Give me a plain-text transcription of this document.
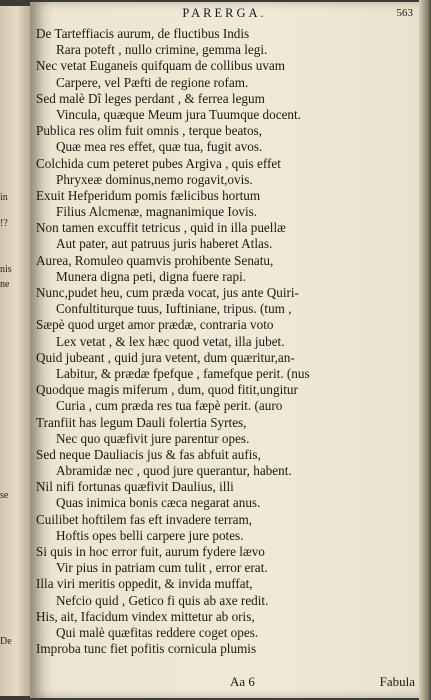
in
!?
nis
ne
se
De
PARERGA.	563
De Tarteffiacis aurum, de fluctibus Indis
Rara poteft , nullo crimine, gemma legi.
Nec vetat Euganeis quifquam de collibus uvam
Carpere, vel Pæfti de regione rofam.
Sed malè Dî leges perdant , & ferrea legum
Vincula, quæque Meum jura Tuumque docent.
Publica res olim fuit omnis , terque beatos,
Quæ mea res effet, quæ tua, fugit avos.
Colchida cum peteret pubes Argiva , quis effet
Phryxeæ dominus,nemo rogavit,ovis.
Exuit Hefperidum pomis fælicibus hortum
Filius Alcmenæ, magnanimique Iovis.
Non tamen excuffit tetricus , quid in illa puellæ
Aut pater, aut patruus juris haberet Atlas.
Aurea, Romuleo quamvis prohibente Senatu,
Munera digna peti, digna fuere rapi.
Nunc,pudet heu, cum præda vocat, jus ante Quiri-
Confultiturque tuus, Iuftiniane, tripus. (tum ,
Sæpè quod urget amor prædæ, contraria voto
Lex vetat , & lex hæc quod vetat, illa jubet.
Quid jubeant , quid jura vetent, dum quæritur,an-
Labitur, & prædæ fpefque , famefque perit. (nus
Quodque magis miferum , dum, quod fitit,ungitur
Curia , cum præda res tua fæpè perit. (auro
Tranfiit has legum Dauli folertia Syrtes,
Nec quo quæfivit jure parentur opes.
Sed neque Dauliacis jus & fas abfuit aufis,
Abramidæ nec , quod jure querantur, habent.
Nil nifi fortunas quæfivit Daulius, illi
Quas inimica bonis cæca negarat anus.
Cuilibet hoftilem fas eft invadere terram,
Hoftis opes belli carpere jure potes.
Si quis in hoc error fuit, aurum fydere lævo
Vir pius in patriam cum tulit , error erat.
Illa viri meritis oppedit, & invida muffat,
Nefcio quid , Getico fi quis ab axe redit.
His, ait, Ifacidum vindex mittetur ab oris,
Qui malè quæfitas reddere coget opes.
Improba tunc fiet pofitis cornicula plumis
Aa 6	Fabula
